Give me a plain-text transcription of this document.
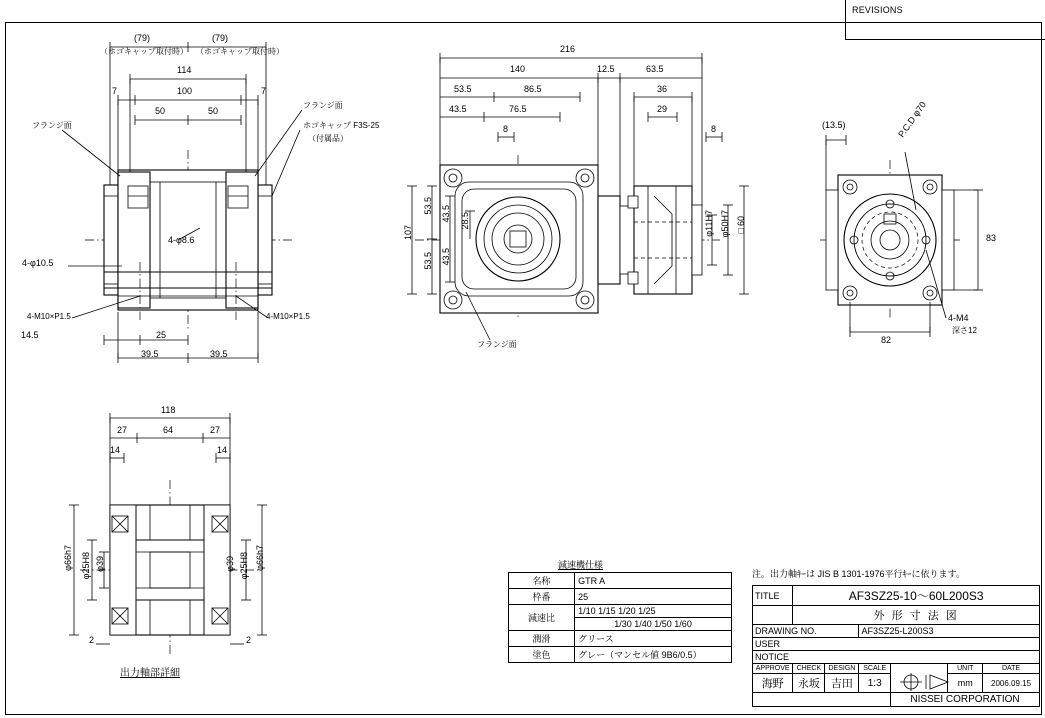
REVISIONS
(79)	(79)
（ホゴキャップ取付時） （ホゴキャップ取付時）
114
100
7	7
50	50
フランジ面
フランジ面
ホゴキャップ F3S-25
（付属品）
4-φ8.6
4-φ10.5
4-M10×P1.5	4-M10×P1.5
14.5	25
39.5	39.5
216
140	12.5	63.5
53.5	86.5	36
43.5	76.5	29
8	8
107
53.5 43.5 28.5
53.5 43.5
φ11H7 φ50H7 □60
フランジ面
(13.5)	P.C.D φ70
83
82
4-M4
深さ12
118
27	64	27
14	14
φ66h7 φ25H8 φ39	φ25H8
φ39 φ66h7
2	2
出力軸部詳細
減速機仕様
名称	GTR A
枠番	25
減速比	1/10 1/15 1/20 1/25
	1/30 1/40 1/50 1/60
潤滑	グリース
塗色	グレー（マンセル値 9B6/0.5）
注。出力軸ｷｰは JIS B 1301-1976平行ｷｰに依ります。
TITLE	AF3SZ25-10～60L200S3					
	外 形 寸 法 図					
DRAWING NO.			AF3SZ25-L200S3			
USER						
NOTICE						
APPROVE	CHECK	DESIGN	SCALE		UNIT	DATE
海野	永坂	吉田	1:3		mm	2006.09.15
				NISSEI CORPORATION		
